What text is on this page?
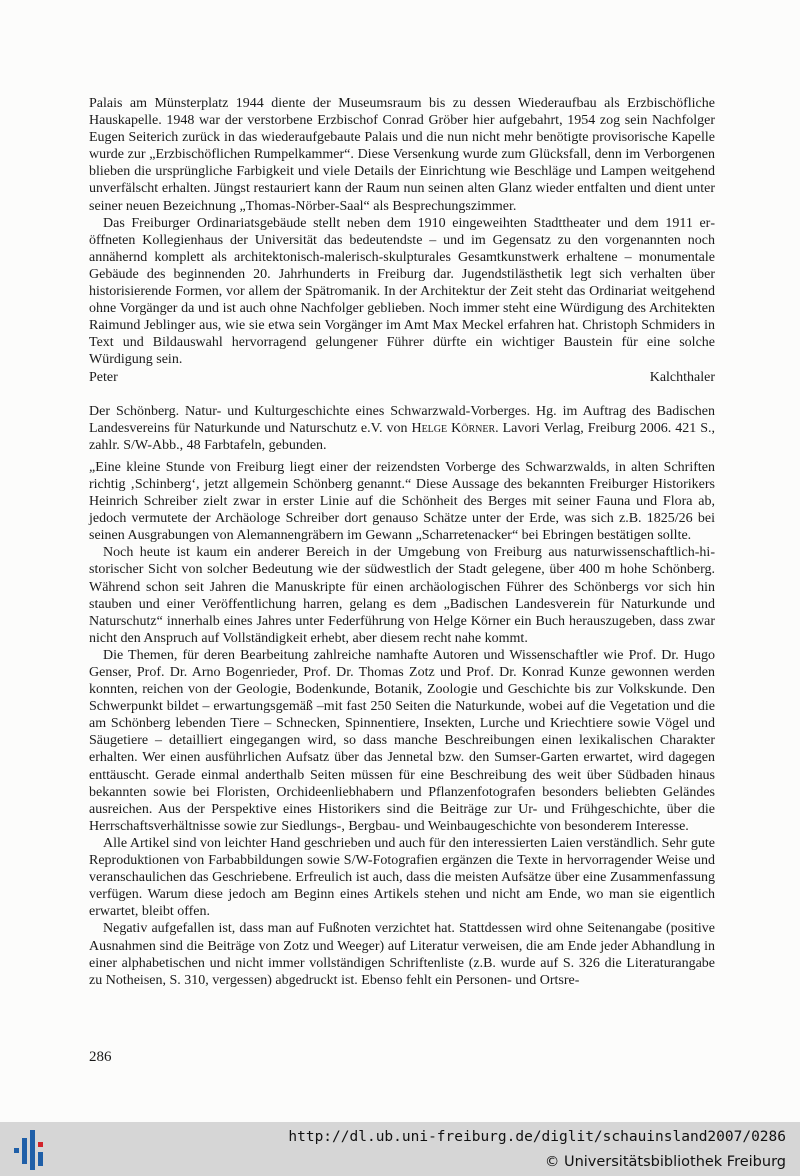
Palais am Münsterplatz 1944 diente der Museumsraum bis zu dessen Wiederaufbau als Erzbischöfliche Hauskapelle. 1948 war der verstorbene Erzbischof Conrad Gröber hier aufgebahrt, 1954 zog sein Nachfolger Eugen Seiterich zurück in das wiederaufgebaute Palais und die nun nicht mehr benötigte provisorische Kapelle wurde zur „Erzbischöflichen Rumpelkammer“. Diese Versenkung wurde zum Glücksfall, denn im Verborgenen blieben die ursprüngliche Farbigkeit und viele Details der Einrichtung wie Beschläge und Lampen weitgehend unverfälscht erhalten. Jüngst restauriert kann der Raum nun seinen alten Glanz wieder entfalten und dient unter seiner neuen Bezeichnung „Thomas-Nörber-Saal“ als Besprechungszimmer.

Das Freiburger Ordinariatsgebäude stellt neben dem 1910 eingeweihten Stadttheater und dem 1911 eröffneten Kollegienhaus der Universität das bedeutendste – und im Gegensatz zu den vorgenannten noch annähernd komplett als architektonisch-malerisch-skulpturales Gesamtkunstwerk erhaltene – monumentale Gebäude des beginnenden 20. Jahrhunderts in Freiburg dar. Jugendstilästhetik legt sich verhalten über historisierende Formen, vor allem der Spätromanik. In der Architektur der Zeit steht das Ordinariat weitgehend ohne Vorgänger da und ist auch ohne Nachfolger geblieben. Noch immer steht eine Würdigung des Architekten Raimund Jeblinger aus, wie sie etwa sein Vorgänger im Amt Max Meckel erfahren hat. Christoph Schmiders in Text und Bildauswahl hervorragend gelungener Führer dürfte ein wichtiger Baustein für eine solche Würdigung sein.

Peter Kalchthaler

Der Schönberg. Natur- und Kulturgeschichte eines Schwarzwald-Vorberges. Hg. im Auftrag des Badischen Landesvereins für Naturkunde und Naturschutz e.V. von Helge Körner. Lavori Verlag, Freiburg 2006. 421 S., zahlr. S/W-Abb., 48 Farbtafeln, gebunden.

„Eine kleine Stunde von Freiburg liegt einer der reizendsten Vorberge des Schwarzwalds, in alten Schriften richtig ‚Schinberg‘, jetzt allgemein Schönberg genannt.“ Diese Aussage des bekannten Freiburger Historikers Heinrich Schreiber zielt zwar in erster Linie auf die Schönheit des Berges mit seiner Fauna und Flora ab, jedoch vermutete der Archäologe Schreiber dort genauso Schätze unter der Erde, was sich z.B. 1825/26 bei seinen Ausgrabungen von Alemannengräbern im Gewann „Scharretenacker“ bei Ebringen bestätigen sollte.

Noch heute ist kaum ein anderer Bereich in der Umgebung von Freiburg aus naturwissenschaftlich-historischer Sicht von solcher Bedeutung wie der südwestlich der Stadt gelegene, über 400 m hohe Schönberg. Während schon seit Jahren die Manuskripte für einen archäologischen Führer des Schönbergs vor sich hin stauben und einer Veröffentlichung harren, gelang es dem „Badischen Landesverein für Naturkunde und Naturschutz“ innerhalb eines Jahres unter Federführung von Helge Körner ein Buch herauszugeben, dass zwar nicht den Anspruch auf Vollständigkeit erhebt, aber diesem recht nahe kommt.

Die Themen, für deren Bearbeitung zahlreiche namhafte Autoren und Wissenschaftler wie Prof. Dr. Hugo Genser, Prof. Dr. Arno Bogenrieder, Prof. Dr. Thomas Zotz und Prof. Dr. Konrad Kunze gewonnen werden konnten, reichen von der Geologie, Bodenkunde, Botanik, Zoologie und Geschichte bis zur Volkskunde. Den Schwerpunkt bildet – erwartungsgemäß –mit fast 250 Seiten die Naturkunde, wobei auf die Vegetation und die am Schönberg lebenden Tiere – Schnecken, Spinnentiere, Insekten, Lurche und Kriechtiere sowie Vögel und Säugetiere – detailliert eingegangen wird, so dass manche Beschreibungen einen lexikalischen Charakter erhalten. Wer einen ausführlichen Aufsatz über das Jennetal bzw. den Sumser-Garten erwartet, wird dagegen enttäuscht. Gerade einmal anderthalb Seiten müssen für eine Beschreibung des weit über Südbaden hinaus bekannten sowie bei Floristen, Orchideenliebhabern und Pflanzenfotografen besonders beliebten Geländes ausreichen. Aus der Perspektive eines Historikers sind die Beiträge zur Ur- und Frühgeschichte, über die Herrschaftsverhältnisse sowie zur Siedlungs-, Bergbau- und Weinbaugeschichte von besonderem Interesse.

Alle Artikel sind von leichter Hand geschrieben und auch für den interessierten Laien verständlich. Sehr gute Reproduktionen von Farbabbildungen sowie S/W-Fotografien ergänzen die Texte in hervorragender Weise und veranschaulichen das Geschriebene. Erfreulich ist auch, dass die meisten Aufsätze über eine Zusammenfassung verfügen. Warum diese jedoch am Beginn eines Artikels stehen und nicht am Ende, wo man sie eigentlich erwartet, bleibt offen.

Negativ aufgefallen ist, dass man auf Fußnoten verzichtet hat. Stattdessen wird ohne Seitenangabe (positive Ausnahmen sind die Beiträge von Zotz und Weeger) auf Literatur verweisen, die am Ende jeder Abhandlung in einer alphabetischen und nicht immer vollständigen Schriftenliste (z.B. wurde auf S. 326 die Literaturangabe zu Notheisen, S. 310, vergessen) abgedruckt ist. Ebenso fehlt ein Personen- und Ortsre-

286
http://dl.ub.uni-freiburg.de/diglit/schauinsland2007/0286
© Universitätsbibliothek Freiburg
